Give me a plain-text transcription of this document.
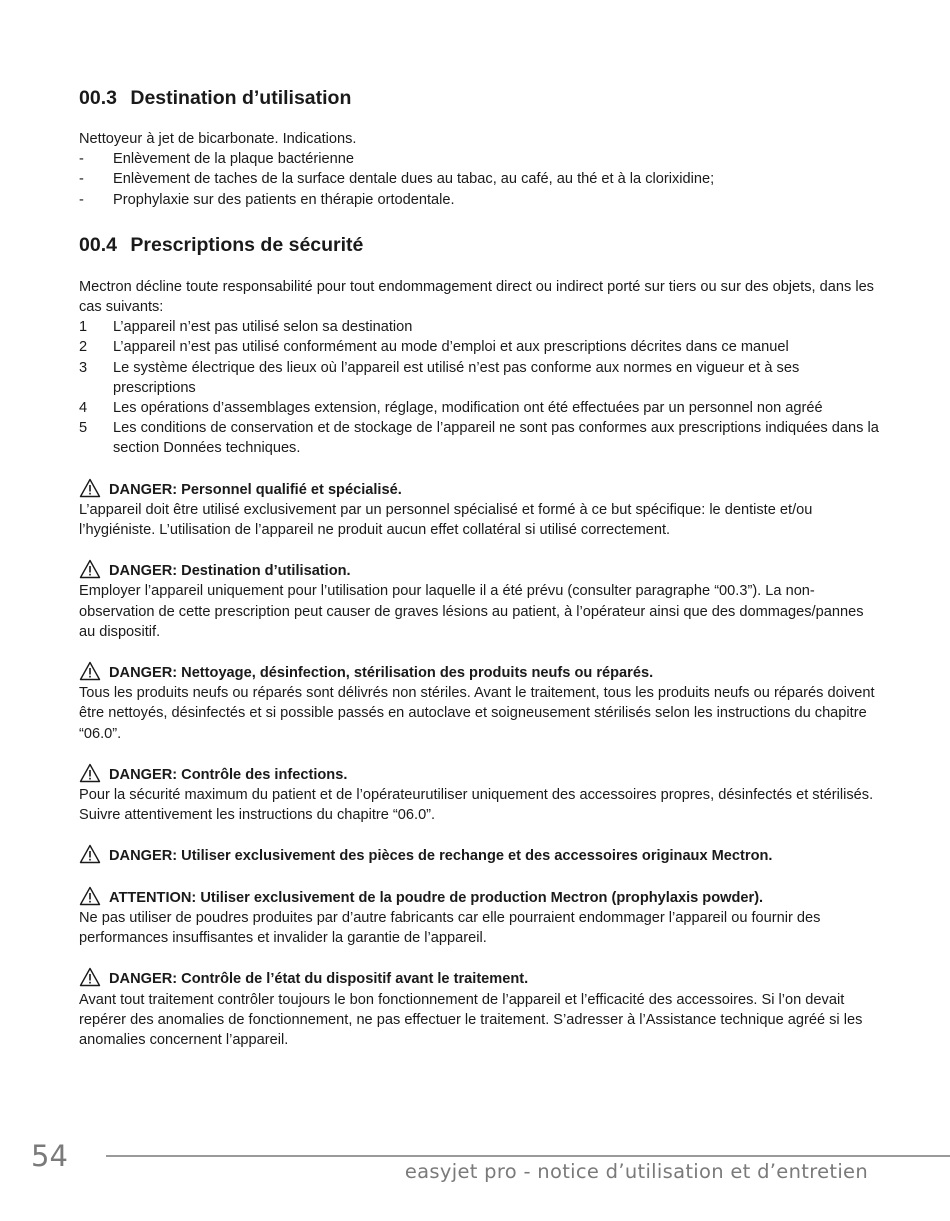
00.3 Destination d’utilisation

Nettoyeur à jet de bicarbonate. Indications.

-	Enlèvement de la plaque bactérienne
-	Enlèvement de taches de la surface dentale dues au tabac, au café, au thé et à la clorixidine;
-	Prophylaxie sur des patients en thérapie ortodentale.
00.4 Prescriptions de sécurité

Mectron décline toute responsabilité pour tout endommagement direct ou indirect porté sur tiers ou sur des objets, dans les cas suivants:

1	L’appareil n’est pas utilisé selon sa destination
2	L’appareil n’est pas utilisé conformément au mode d’emploi et aux prescriptions décrites dans ce manuel
3	Le système électrique des lieux où l’appareil est utilisé n’est pas conforme aux normes en vigueur et à ses prescriptions
4	Les opérations d’assemblages extension, réglage, modification ont été effectuées par un personnel non agréé
5	Les conditions de conservation et de stockage de l’appareil ne sont pas conformes aux prescriptions indiquées dans la section Données techniques.
DANGER: Personnel qualifié et spécialisé.

L’appareil doit être utilisé exclusivement par un personnel spécialisé et formé à ce but spécifique: le dentiste et/ou l’hygiéniste. L’utilisation de l’appareil ne produit aucun effet collatéral si utilisé correctement.

DANGER: Destination d’utilisation.

Employer l’appareil uniquement pour l’utilisation pour laquelle il a été prévu (consulter paragraphe “00.3”). La non-observation de cette prescription peut causer de graves lésions au patient, à l’opérateur ainsi que des dommages/pannes au dispositif.

DANGER: Nettoyage, désinfection, stérilisation des produits neufs ou réparés.

Tous les produits neufs ou réparés sont délivrés non stériles. Avant le traitement, tous les produits neufs ou réparés doivent être nettoyés, désinfectés et si possible passés en autoclave et soigneusement stérilisés selon les instructions du chapitre “06.0”.

DANGER: Contrôle des infections.

Pour la sécurité maximum du patient et de l’opérateurutiliser uniquement des accessoires propres, désinfectés et stérilisés. Suivre attentivement les instructions du chapitre “06.0”.

DANGER: Utiliser exclusivement des pièces de rechange et des accessoires originaux Mectron.
ATTENTION: Utiliser exclusivement de la poudre de production Mectron (prophylaxis powder).

Ne pas utiliser de poudres produites par d’autre fabricants car elle pourraient endommager l’appareil ou fournir des performances insuffisantes et invalider la garantie de l’appareil.

DANGER: Contrôle de l’état du dispositif avant le traitement.

Avant tout traitement contrôler toujours le bon fonctionnement de l’appareil et l’efficacité des accessoires. Si l’on devait repérer des anomalies de fonctionnement, ne pas effectuer le traitement. S’adresser à l’Assistance technique agréé si les anomalies concernent l’appareil.

54	easyjet pro - notice d’utilisation et d’entretien
